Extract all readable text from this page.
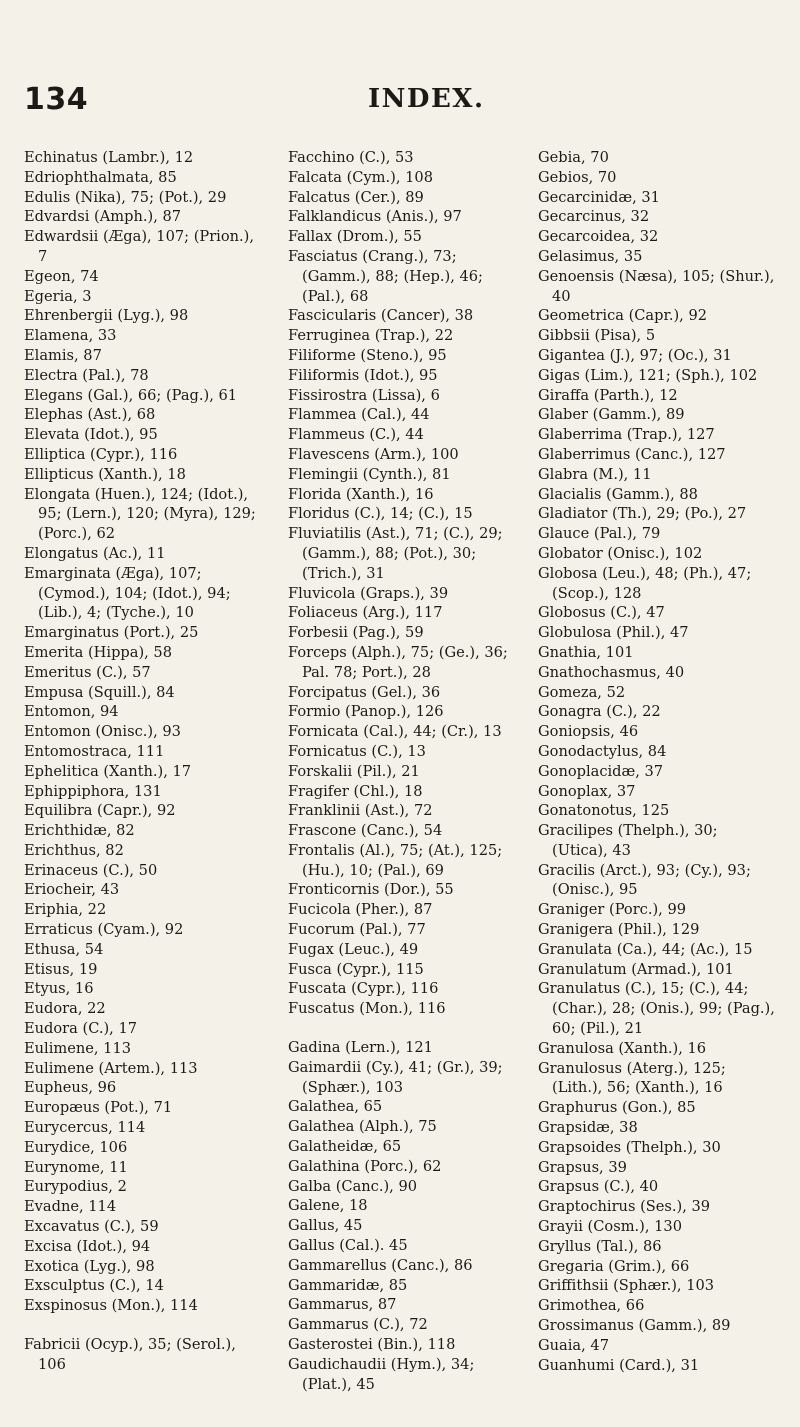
134	INDEX.

Echinatus (Lambr.), 12

Edriophthalmata, 85

Edulis (Nika), 75; (Pot.), 29

Edvardsi (Amph.), 87

Edwardsii (Æga), 107; (Prion.), 7

Egeon, 74

Egeria, 3

Ehrenbergii (Lyg.), 98

Elamena, 33

Elamis, 87

Electra (Pal.), 78

Elegans (Gal.), 66; (Pag.), 61

Elephas (Ast.), 68

Elevata (Idot.), 95

Elliptica (Cypr.), 116

Ellipticus (Xanth.), 18

Elongata (Huen.), 124; (Idot.), 95; (Lern.), 120; (Myra), 129; (Porc.), 62

Elongatus (Ac.), 11

Emarginata (Æga), 107; (Cymod.), 104; (Idot.), 94; (Lib.), 4; (Tyche.), 10

Emarginatus (Port.), 25

Emerita (Hippa), 58

Emeritus (C.), 57

Empusa (Squill.), 84

Entomon, 94

Entomon (Onisc.), 93

Entomostraca, 111

Ephelitica (Xanth.), 17

Ephippiphora, 131

Equilibra (Capr.), 92

Erichthidæ, 82

Erichthus, 82

Erinaceus (C.), 50

Eriocheir, 43

Eriphia, 22

Erraticus (Cyam.), 92

Ethusa, 54

Etisus, 19

Etyus, 16

Eudora, 22

Eudora (C.), 17

Eulimene, 113

Eulimene (Artem.), 113

Eupheus, 96

Europæus (Pot.), 71

Eurycercus, 114

Eurydice, 106

Eurynome, 11

Eurypodius, 2

Evadne, 114

Excavatus (C.), 59

Excisa (Idot.), 94

Exotica (Lyg.), 98

Exsculptus (C.), 14

Exspinosus (Mon.), 114

Fabricii (Ocyp.), 35; (Serol.), 106

Facchino (C.), 53

Falcata (Cym.), 108

Falcatus (Cer.), 89

Falklandicus (Anis.), 97

Fallax (Drom.), 55

Fasciatus (Crang.), 73; (Gamm.), 88; (Hep.), 46; (Pal.), 68

Fascicularis (Cancer), 38

Ferruginea (Trap.), 22

Filiforme (Steno.), 95

Filiformis (Idot.), 95

Fissirostra (Lissa), 6

Flammea (Cal.), 44

Flammeus (C.), 44

Flavescens (Arm.), 100

Flemingii (Cynth.), 81

Florida (Xanth.), 16

Floridus (C.), 14; (C.), 15

Fluviatilis (Ast.), 71; (C.), 29; (Gamm.), 88; (Pot.), 30; (Trich.), 31

Fluvicola (Graps.), 39

Foliaceus (Arg.), 117

Forbesii (Pag.), 59

Forceps (Alph.), 75; (Ge.), 36; Pal. 78; Port.), 28

Forcipatus (Gel.), 36

Formio (Panop.), 126

Fornicata (Cal.), 44; (Cr.), 13

Fornicatus (C.), 13

Forskalii (Pil.), 21

Fragifer (Chl.), 18

Franklinii (Ast.), 72

Frascone (Canc.), 54

Frontalis (Al.), 75; (At.), 125; (Hu.), 10; (Pal.), 69

Fronticornis (Dor.), 55

Fucicola (Pher.), 87

Fucorum (Pal.), 77

Fugax (Leuc.), 49

Fusca (Cypr.), 115

Fuscata (Cypr.), 116

Fuscatus (Mon.), 116

Gadina (Lern.), 121

Gaimardii (Cy.), 41; (Gr.), 39; (Sphær.), 103

Galathea, 65

Galathea (Alph.), 75

Galatheidæ, 65

Galathina (Porc.), 62

Galba (Canc.), 90

Galene, 18

Gallus, 45

Gallus (Cal.). 45

Gammarellus (Canc.), 86

Gammaridæ, 85

Gammarus, 87

Gammarus (C.), 72

Gasterostei (Bin.), 118

Gaudichaudii (Hym.), 34; (Plat.), 45

Gebia, 70

Gebios, 70

Gecarcinidæ, 31

Gecarcinus, 32

Gecarcoidea, 32

Gelasimus, 35

Genoensis (Næsa), 105; (Shur.), 40

Geometrica (Capr.), 92

Gibbsii (Pisa), 5

Gigantea (J.), 97; (Oc.), 31

Gigas (Lim.), 121; (Sph.), 102

Giraffa (Parth.), 12

Glaber (Gamm.), 89

Glaberrima (Trap.), 127

Glaberrimus (Canc.), 127

Glabra (M.), 11

Glacialis (Gamm.), 88

Gladiator (Th.), 29; (Po.), 27

Glauce (Pal.), 79

Globator (Onisc.), 102

Globosa (Leu.), 48; (Ph.), 47; (Scop.), 128

Globosus (C.), 47

Globulosa (Phil.), 47

Gnathia, 101

Gnathochasmus, 40

Gomeza, 52

Gonagra (C.), 22

Goniopsis, 46

Gonodactylus, 84

Gonoplacidæ, 37

Gonoplax, 37

Gonatonotus, 125

Gracilipes (Thelph.), 30; (Utica), 43

Gracilis (Arct.), 93; (Cy.), 93; (Onisc.), 95

Graniger (Porc.), 99

Granigera (Phil.), 129

Granulata (Ca.), 44; (Ac.), 15

Granulatum (Armad.), 101

Granulatus (C.), 15; (C.), 44; (Char.), 28; (Onis.), 99; (Pag.), 60; (Pil.), 21

Granulosa (Xanth.), 16

Granulosus (Aterg.), 125; (Lith.), 56; (Xanth.), 16

Graphurus (Gon.), 85

Grapsidæ, 38

Grapsoides (Thelph.), 30

Grapsus, 39

Grapsus (C.), 40

Graptochirus (Ses.), 39

Grayii (Cosm.), 130

Gryllus (Tal.), 86

Gregaria (Grim.), 66

Griffithsii (Sphær.), 103

Grimothea, 66

Grossimanus (Gamm.), 89

Guaia, 47

Guanhumi (Card.), 31
